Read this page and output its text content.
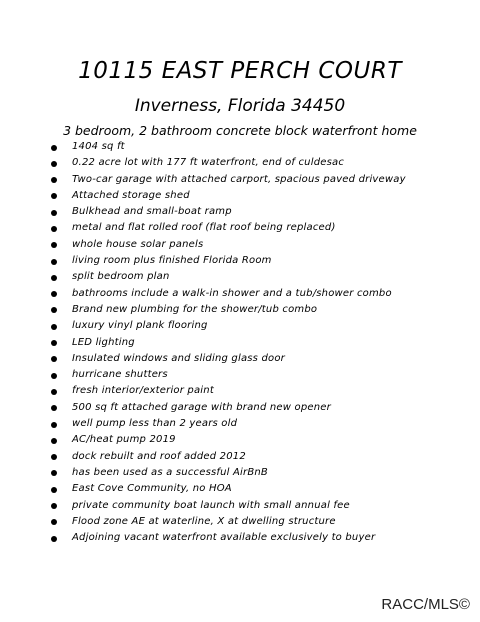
10115 EAST PERCH COURT
Inverness, Florida 34450
3 bedroom, 2 bathroom concrete block waterfront home
1404 sq ft
0.22 acre lot with 177 ft waterfront, end of culdesac
Two-car garage with attached carport, spacious paved driveway
Attached storage shed
Bulkhead and small-boat ramp
metal and flat rolled roof (flat roof being replaced)
whole house solar panels
living room plus finished Florida Room
split bedroom plan
bathrooms include a walk-in shower and a tub/shower combo
Brand new plumbing for the shower/tub combo
luxury vinyl plank flooring
LED lighting
Insulated windows and sliding glass door
hurricane shutters
fresh interior/exterior paint
500 sq ft attached garage with brand new opener
well pump less than 2 years old
AC/heat pump 2019
dock rebuilt and roof added 2012
has been used as a successful AirBnB
East Cove Community, no HOA
private community boat launch with small annual fee
Flood zone AE at waterline, X at dwelling structure
Adjoining vacant waterfront available exclusively to buyer
RACC/MLS©
